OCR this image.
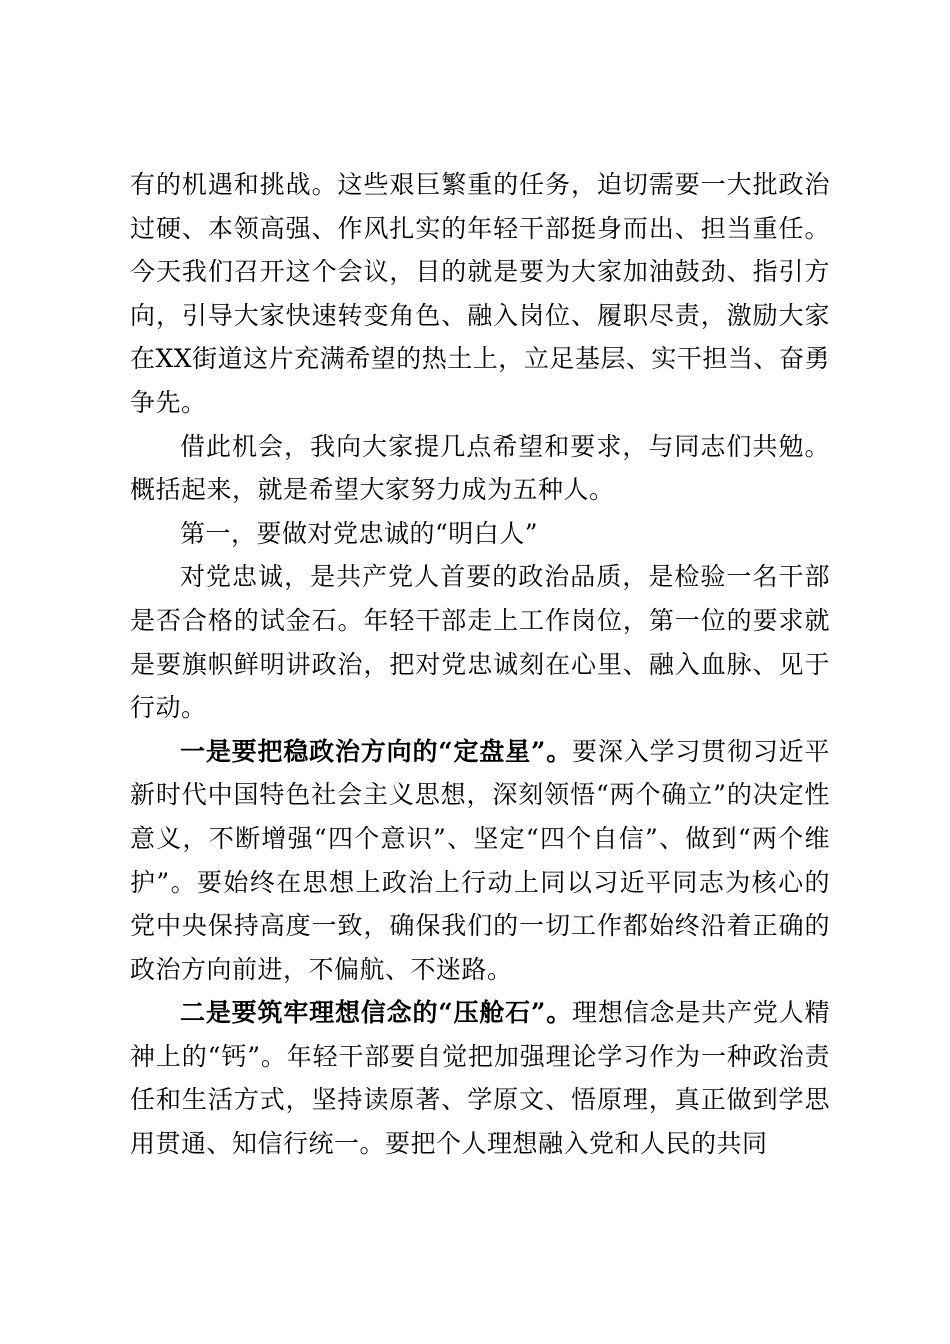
有的机遇和挑战。这些艰巨繁重的任务，迫切需要一大批政治过硬、本领高强、作风扎实的年轻干部挺身而出、担当重任。今天我们召开这个会议，目的就是要为大家加油鼓劲、指引方向，引导大家快速转变角色、融入岗位、履职尽责，激励大家在XX街道这片充满希望的热土上，立足基层、实干担当、奋勇争先。

借此机会，我向大家提几点希望和要求，与同志们共勉。概括起来，就是希望大家努力成为五种人。

第一，要做对党忠诚的“明白人”

对党忠诚，是共产党人首要的政治品质，是检验一名干部是否合格的试金石。年轻干部走上工作岗位，第一位的要求就是要旗帜鲜明讲政治，把对党忠诚刻在心里、融入血脉、见于行动。

一是要把稳政治方向的“定盘星”。要深入学习贯彻习近平新时代中国特色社会主义思想，深刻领悟“两个确立”的决定性意义，不断增强“四个意识”、坚定“四个自信”、做到“两个维护”。要始终在思想上政治上行动上同以习近平同志为核心的党中央保持高度一致，确保我们的一切工作都始终沿着正确的政治方向前进，不偏航、不迷路。

二是要筑牢理想信念的“压舱石”。理想信念是共产党人精神上的“钙”。年轻干部要自觉把加强理论学习作为一种政治责任和生活方式，坚持读原著、学原文、悟原理，真正做到学思用贯通、知信行统一。要把个人理想融入党和人民的共同
